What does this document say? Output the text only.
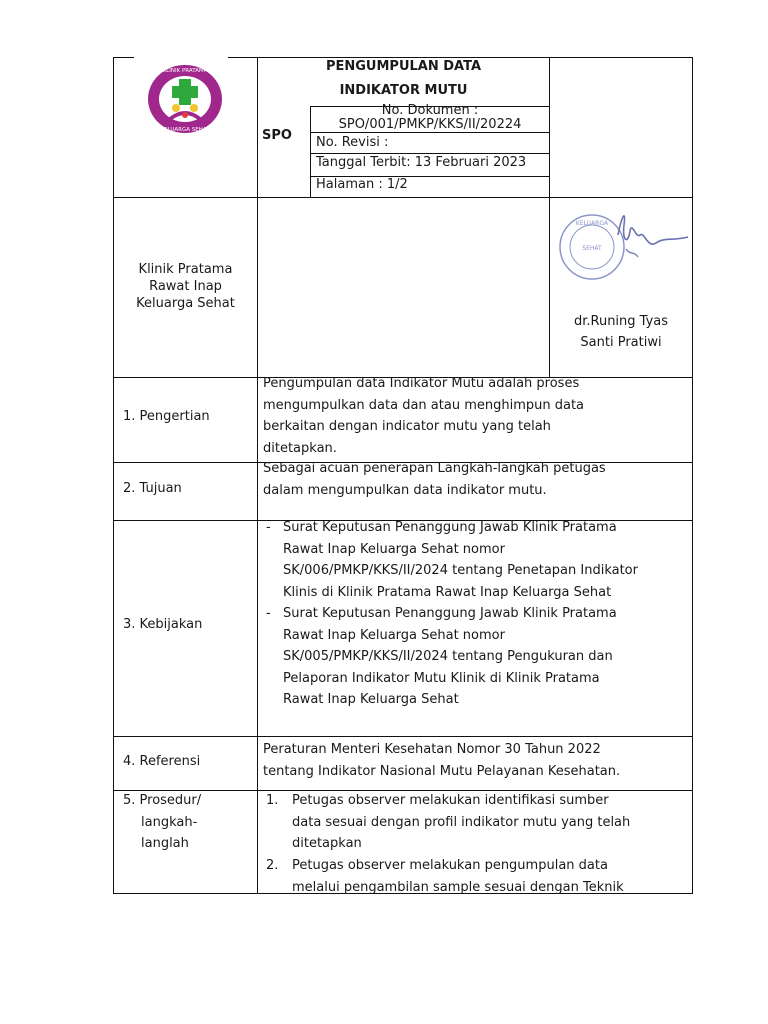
KLINIK PRATAMA
KELUARGA SEHAT
PENGUMPULAN DATA
INDIKATOR MUTU
SPO
No. Dokumen :
SPO/001/PMKP/KKS/II/20224
No. Revisi :
Tanggal Terbit: 13 Februari 2023
Halaman : 1/2
Klinik Pratama
Rawat Inap
Keluarga Sehat
KELUARGA
SEHAT
dr.Runing Tyas
Santi Pratiwi
1. Pengertian
Pengumpulan data Indikator Mutu adalah proses
mengumpulkan data dan atau menghimpun data
berkaitan dengan indicator mutu yang telah
ditetapkan.
2. Tujuan
Sebagai acuan penerapan Langkah-langkah petugas
dalam mengumpulkan data indikator mutu.
3. Kebijakan
- Surat Keputusan Penanggung Jawab Klinik Pratama
Rawat Inap Keluarga Sehat nomor
SK/006/PMKP/KKS/II/2024 tentang Penetapan Indikator
Klinis di Klinik Pratama Rawat Inap Keluarga Sehat
- Surat Keputusan Penanggung Jawab Klinik Pratama
Rawat Inap Keluarga Sehat nomor
SK/005/PMKP/KKS/II/2024 tentang Pengukuran dan
Pelaporan Indikator Mutu Klinik di Klinik Pratama
Rawat Inap Keluarga Sehat
4. Referensi
Peraturan Menteri Kesehatan Nomor 30 Tahun 2022
tentang Indikator Nasional Mutu Pelayanan Kesehatan.
5. Prosedur/
langkah-
langlah
1. Petugas observer melakukan identifikasi sumber
data sesuai dengan profil indikator mutu yang telah
ditetapkan
2. Petugas observer melakukan pengumpulan data
melalui pengambilan sample sesuai dengan Teknik
